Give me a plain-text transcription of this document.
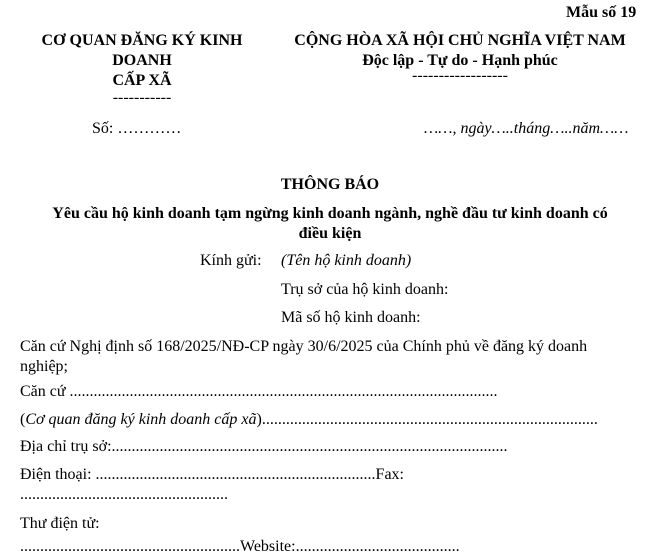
Mẫu số 19
CƠ QUAN ĐĂNG KÝ KINH
DOANH
CẤP XÃ
-----------
CỘNG HÒA XÃ HỘI CHỦ NGHĨA VIỆT NAM
Độc lập - Tự do - Hạnh phúc
------------------
Số: …………	……, ngày…..tháng…..năm……
THÔNG BÁO
Yêu cầu hộ kinh doanh tạm ngừng kinh doanh ngành, nghề đầu tư kinh doanh có
điều kiện
Kính gửi: (Tên hộ kinh doanh)
Trụ sở của hộ kinh doanh:
Mã số hộ kinh doanh:
Căn cứ Nghị định số 168/2025/NĐ-CP ngày 30/6/2025 của Chính phủ về đăng ký doanh
nghiệp;
Căn cứ ...........................................................................................................
(Cơ quan đăng ký kinh doanh cấp xã)....................................................................................
Địa chỉ trụ sở:...................................................................................................
Điện thoại: ......................................................................Fax:
....................................................
Thư điện tử:
.......................................................Website:.........................................
